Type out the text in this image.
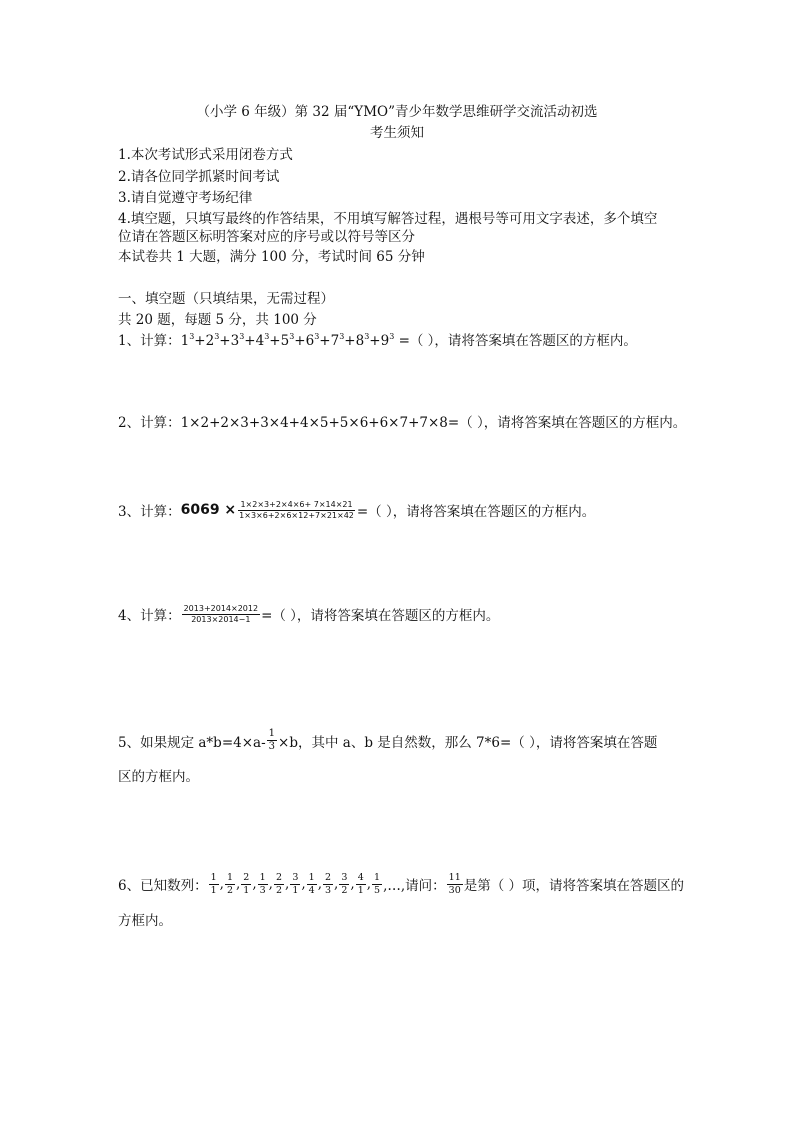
（小学 6 年级）第 32 届“YMO”青少年数学思维研学交流活动初选
考生须知
1.本次考试形式采用闭卷方式
2.请各位同学抓紧时间考试
3.请自觉遵守考场纪律
4.填空题，只填写最终的作答结果，不用填写解答过程，遇根号等可用文字表述，多个填空
位请在答题区标明答案对应的序号或以符号等区分
本试卷共 1 大题，满分 100 分，考试时间 65 分钟
一、填空题（只填结果，无需过程）
共 20 题，每题 5 分，共 100 分
1、计算：$1^3+2^3+3^3+4^3+5^3+6^3+7^3+8^3+9^3$ =（ ），请将答案填在答题区的方框内。
2、计算：1×2+2×3+3×4+4×5+5×6+6×7+7×8=（ ），请将答案填在答题区的方框内。
3、计算： $6069 \times \frac{1\times 2\times 3+2\times 4\times 6+ 7\times 14\times 21}{1\times 3\times 6+2\times 6\times 12+7\times 21\times 42}$ =（ ），请将答案填在答题区的方框内。
4、计算： $\frac{2013+2014\times 2012}{2013\times 2014-1}$ =（ ），请将答案填在答题区的方框内。
5、如果规定 $a*b=4\times a- \frac{1}{3} \times b$，其中 a、b 是自然数，那么 7*6=（ ），请将答案填在答题
区的方框内。
6、已知数列： $\frac{1}{1}$ , $\frac{1}{2}$ , $\frac{2}{1}$ , $\frac{1}{3}$ , $\frac{2}{2}$ , $\frac{3}{1}$ , $\frac{1}{4}$ , $\frac{2}{3}$ , $\frac{3}{2}$ , $\frac{4}{1}$ , $\frac{1}{5}$ ,…,请问： $\frac{11}{30}$ 是第（ ）项，请将答案填在答题区的
方框内。
